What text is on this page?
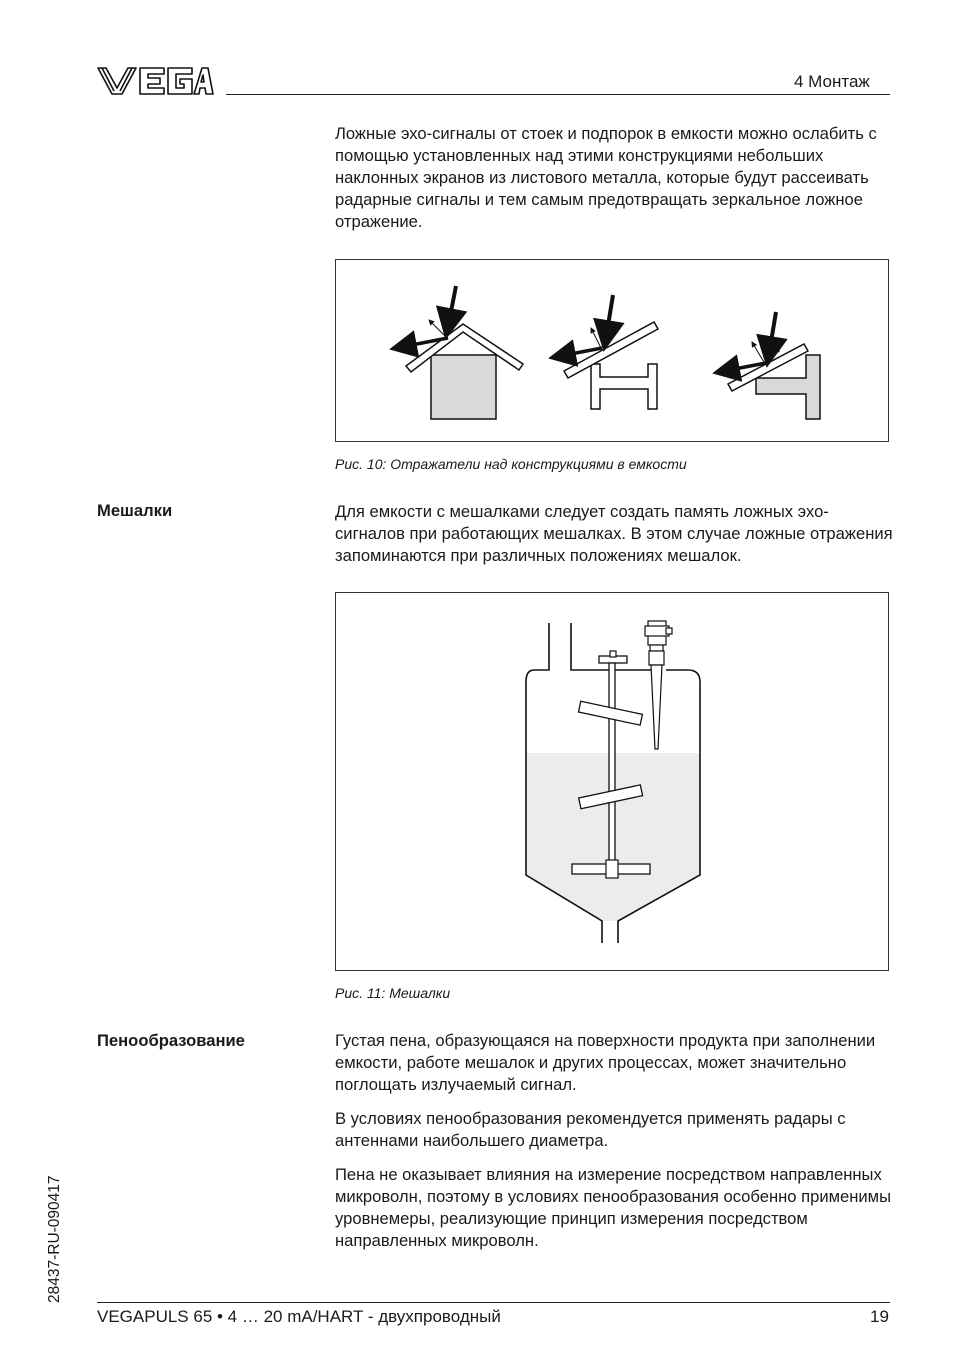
4 Монтаж
Ложные эхо-сигналы от стоек и подпорок в емкости можно ослабить с помощью установленных над этими конструкциями небольших наклонных экранов из листового металла, которые будут рассеивать радарные сигналы и тем самым предотвращать зеркальное ложное отражение.
Рис. 10: Отражатели над конструкциями в емкости
Мешалки	Для емкости с мешалками следует создать память ложных эхо-сигналов при работающих мешалках. В этом случае ложные отражения запоминаются при различных положениях мешалок.
Рис. 11: Мешалки
Пенообразование	Густая пена, образующаяся на поверхности продукта при заполнении емкости, работе мешалок и других процессах, может значительно поглощать излучаемый сигнал.
В условиях пенообразования рекомендуется применять радары с антеннами наибольшего диаметра.
Пена не оказывает влияния на измерение посредством направленных микроволн, поэтому в условиях пенообразования особенно применимы уровнемеры, реализующие принцип измерения посредством направленных микроволн.
28437-RU-090417
VEGAPULS 65 • 4 … 20 mA/HART - двухпроводный	19
